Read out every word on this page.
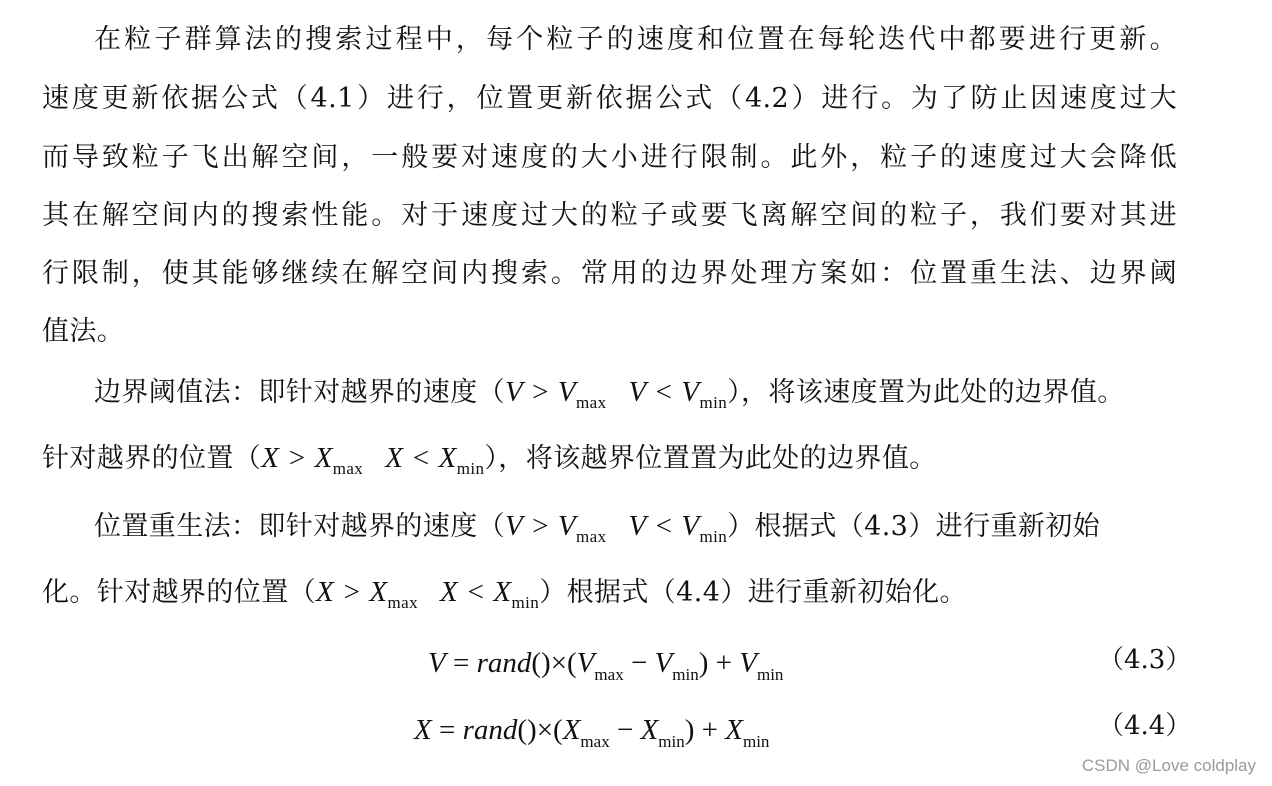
在粒子群算法的搜索过程中，每个粒子的速度和位置在每轮迭代中都要进行更新。
速度更新依据公式（4.1）进行，位置更新依据公式（4.2）进行。为了防止因速度过大
而导致粒子飞出解空间，一般要对速度的大小进行限制。此外，粒子的速度过大会降低
其在解空间内的搜索性能。对于速度过大的粒子或要飞离解空间的粒子，我们要对其进
行限制，使其能够继续在解空间内搜索。常用的边界处理方案如：位置重生法、边界阈
值法。
边界阈值法：即针对越界的速度（$V > V_{max}$ $V < V_{min}$），将该速度置为此处的边界值。
针对越界的位置（$X > X_{max}$ $X < X_{min}$），将该越界位置置为此处的边界值。
位置重生法：即针对越界的速度（$V > V_{max}$ $V < V_{min}$）根据式（4.3）进行重新初始
化。针对越界的位置（$X > X_{max}$ $X < X_{min}$）根据式（4.4）进行重新初始化。
$V = rand()\times(V_{max} - V_{min}) + V_{min}$	（4.3）
$X = rand()\times(X_{max} - X_{min}) + X_{min}$
（4.4）
CSDN @Love coldplay
